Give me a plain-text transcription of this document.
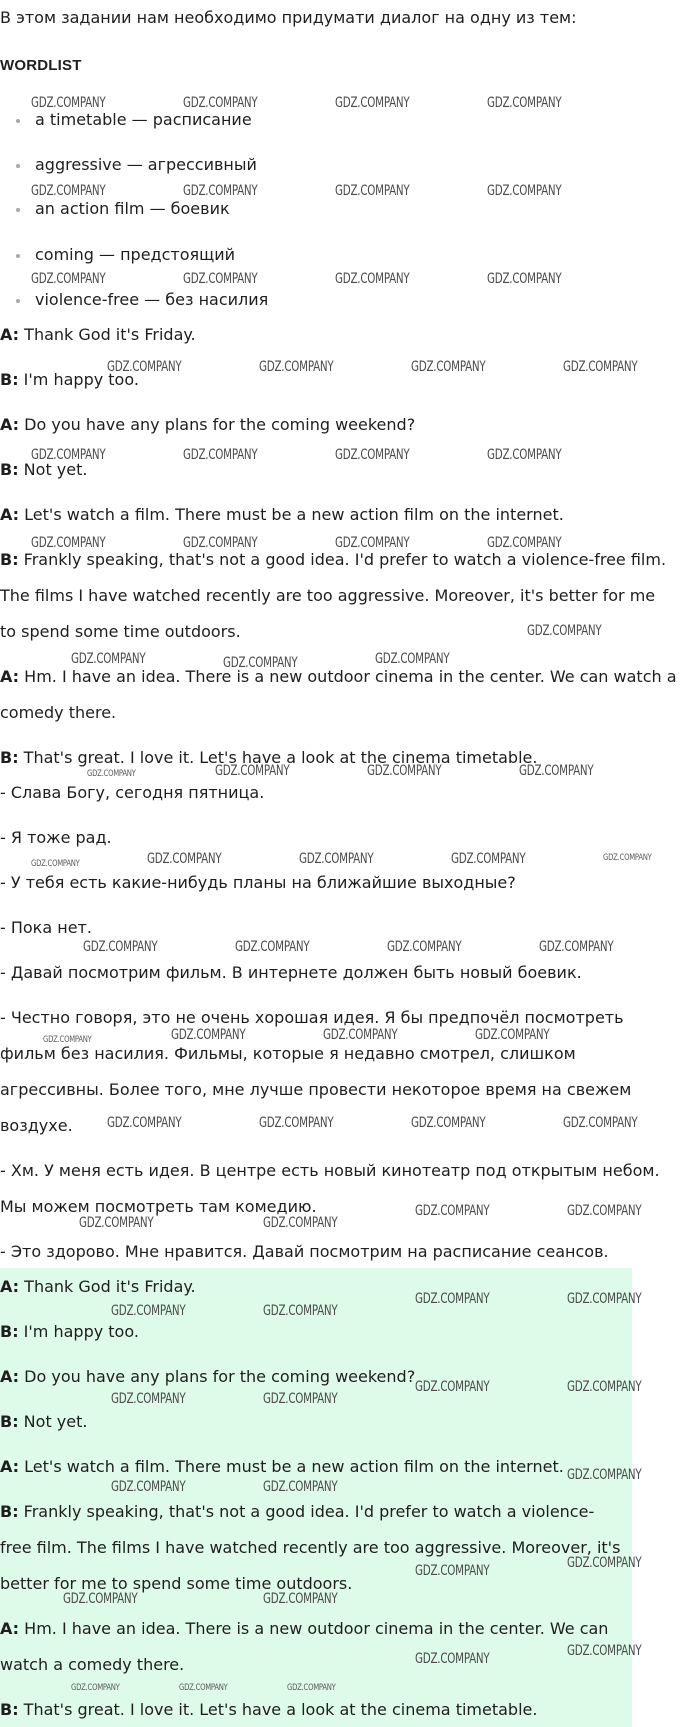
В этом задании нам необходимо придумати диалог на одну из тем:
WORDLIST
a timetable — расписание
aggressive — агрессивный
an action film — боевик
coming — предстоящий
violence-free — без насилия
A: Thank God it's Friday.
B: I'm happy too.
A: Do you have any plans for the coming weekend?
B: Not yet.
A: Let's watch a film. There must be a new action film on the internet.
B: Frankly speaking, that's not a good idea. I'd prefer to watch a violence-free film.
The films I have watched recently are too aggressive. Moreover, it's better for me
to spend some time outdoors.
A: Hm. I have an idea. There is a new outdoor cinema in the center. We can watch a
comedy there.
B: That's great. I love it. Let's have a look at the cinema timetable.
- Слава Богу, сегодня пятница.
- Я тоже рад.
- У тебя есть какие-нибудь планы на ближайшие выходные?
- Пока нет.
- Давай посмотрим фильм. В интернете должен быть новый боевик.
- Честно говоря, это не очень хорошая идея. Я бы предпочёл посмотреть
фильм без насилия. Фильмы, которые я недавно смотрел, слишком
агрессивны. Более того, мне лучше провести некоторое время на свежем
воздухе.
- Хм. У меня есть идея. В центре есть новый кинотеатр под открытым небом.
Мы можем посмотреть там комедию.
- Это здорово. Мне нравится. Давай посмотрим на расписание сеансов.
A: Thank God it's Friday.
B: I'm happy too.
A: Do you have any plans for the coming weekend?
B: Not yet.
A: Let's watch a film. There must be a new action film on the internet.
B: Frankly speaking, that's not a good idea. I'd prefer to watch a violence-
free film. The films I have watched recently are too aggressive. Moreover, it's
better for me to spend some time outdoors.
A: Hm. I have an idea. There is a new outdoor cinema in the center. We can
watch a comedy there.
B: That's great. I love it. Let's have a look at the cinema timetable.
GDZ.COMPANY	GDZ.COMPANY	GDZ.COMPANY	GDZ.COMPANY
GDZ.COMPANY	GDZ.COMPANY	GDZ.COMPANY	GDZ.COMPANY
GDZ.COMPANY	GDZ.COMPANY	GDZ.COMPANY	GDZ.COMPANY
GDZ.COMPANY	GDZ.COMPANY	GDZ.COMPANY	GDZ.COMPANY
GDZ.COMPANY	GDZ.COMPANY	GDZ.COMPANY	GDZ.COMPANY
GDZ.COMPANY	GDZ.COMPANY	GDZ.COMPANY	GDZ.COMPANY
GDZ.COMPANY
GDZ.COMPANY	GDZ.COMPANY	GDZ.COMPANY
GDZ.COMPANY	GDZ.COMPANY	GDZ.COMPANY	GDZ.COMPANY
GDZ.COMPANY	GDZ.COMPANY	GDZ.COMPANY	GDZ.COMPANY	GDZ.COMPANY
GDZ.COMPANY	GDZ.COMPANY	GDZ.COMPANY	GDZ.COMPANY
GDZ.COMPANY	GDZ.COMPANY	GDZ.COMPANY	GDZ.COMPANY
GDZ.COMPANY	GDZ.COMPANY	GDZ.COMPANY	GDZ.COMPANY
GDZ.COMPANY	GDZ.COMPANY
GDZ.COMPANY	GDZ.COMPANY
GDZ.COMPANY	GDZ.COMPANY
GDZ.COMPANY	GDZ.COMPANY
GDZ.COMPANY	GDZ.COMPANY
GDZ.COMPANY	GDZ.COMPANY
GDZ.COMPANY	GDZ.COMPANY
GDZ.COMPANY
GDZ.COMPANY
GDZ.COMPANY
GDZ.COMPANY	GDZ.COMPANY
GDZ.COMPANY
GDZ.COMPANY
GDZ.COMPANY	GDZ.COMPANY	GDZ.COMPANY
